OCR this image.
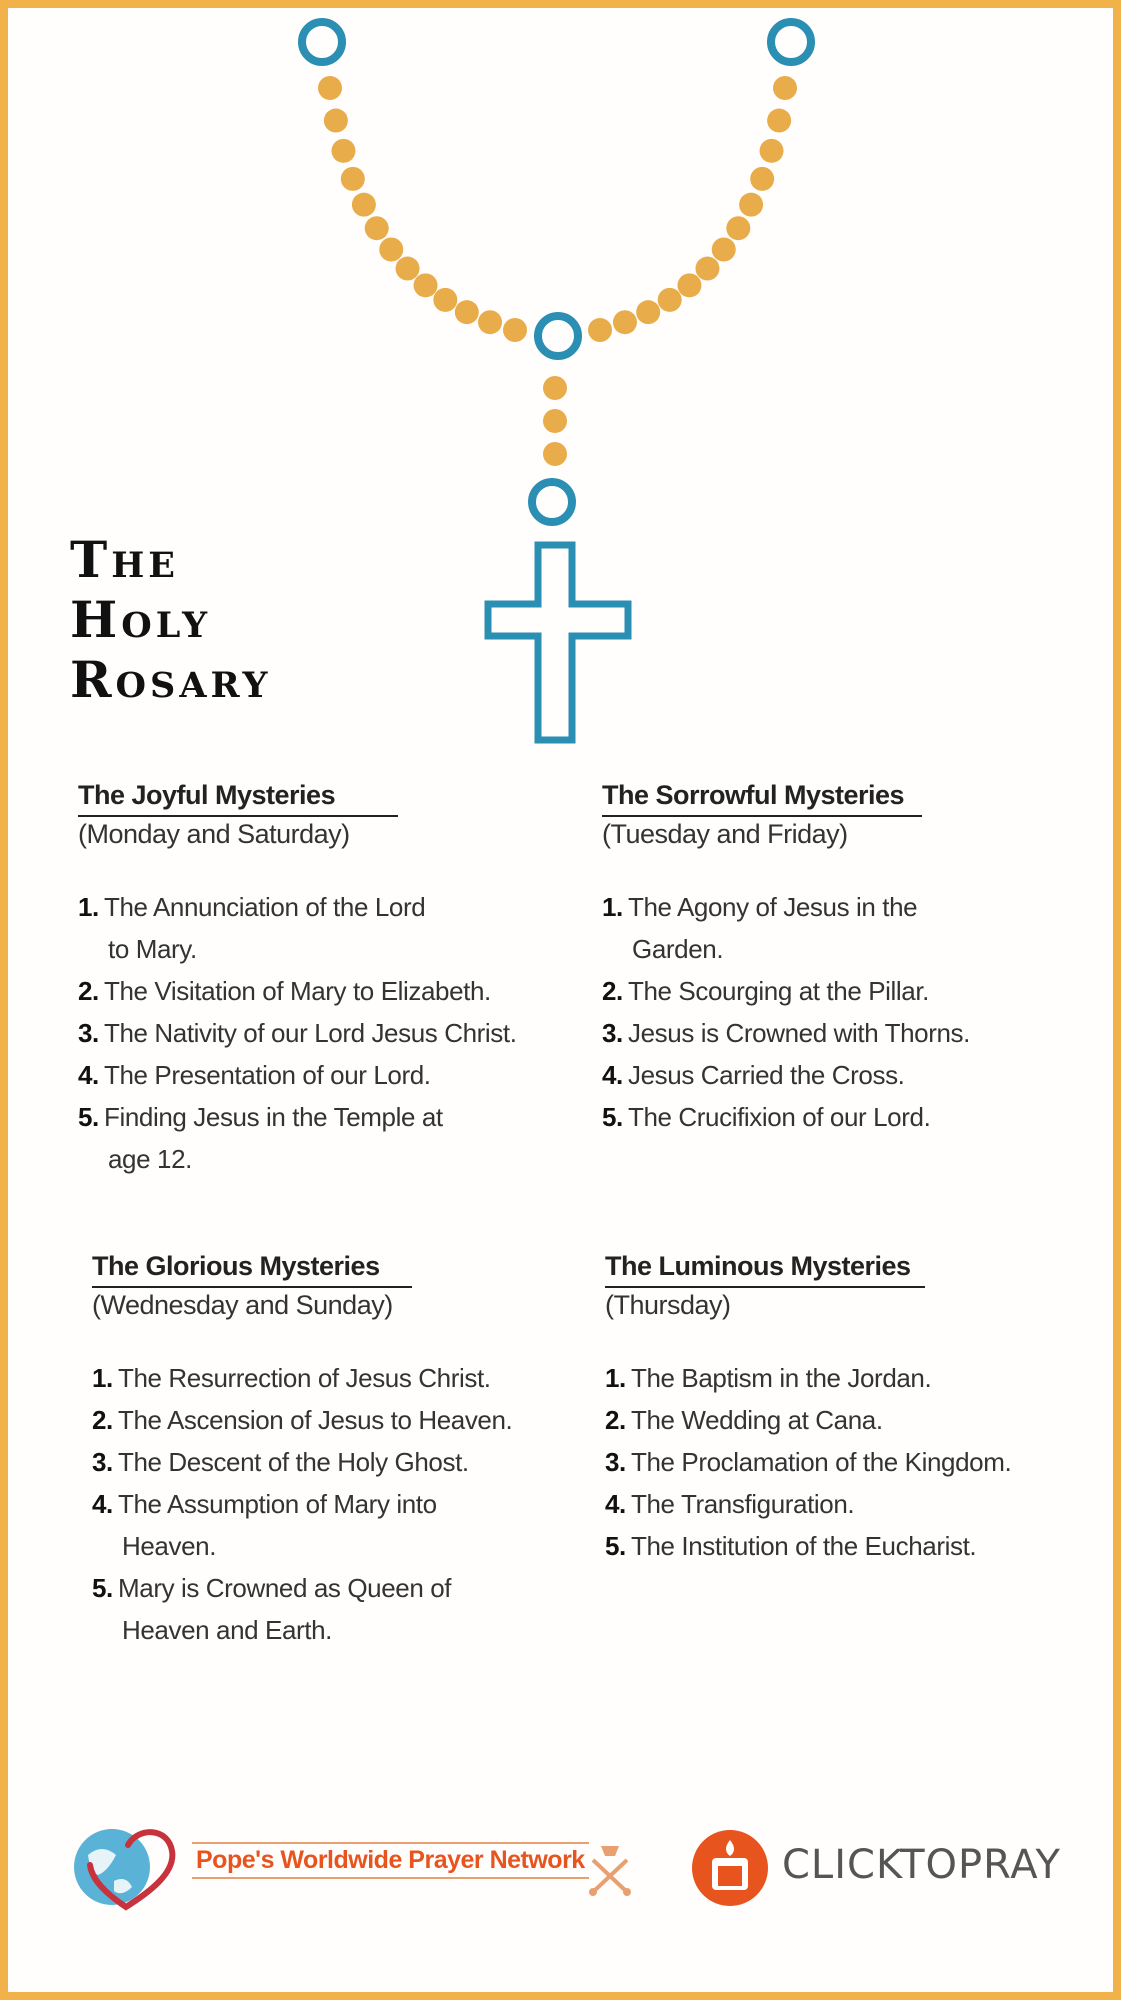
The
Holy
Rosary
The Joyful Mysteries
(Monday and Saturday)
1. The Annunciation of the Lord
to Mary.
2. The Visitation of Mary to Elizabeth.
3. The Nativity of our Lord Jesus Christ.
4. The Presentation of our Lord.
5. Finding Jesus in the Temple at
age 12.
The Sorrowful Mysteries
(Tuesday and Friday)
1. The Agony of Jesus in the
Garden.
2. The Scourging at the Pillar.
3. Jesus is Crowned with Thorns.
4. Jesus Carried the Cross.
5. The Crucifixion of our Lord.
The Glorious Mysteries
(Wednesday and Sunday)
1. The Resurrection of Jesus Christ.
2. The Ascension of Jesus to Heaven.
3. The Descent of the Holy Ghost.
4. The Assumption of Mary into
Heaven.
5. Mary is Crowned as Queen of
Heaven and Earth.
The Luminous Mysteries
(Thursday)
1. The Baptism in the Jordan.
2. The Wedding at Cana.
3. The Proclamation of the Kingdom.
4. The Transfiguration.
5. The Institution of the Eucharist.
Pope's Worldwide Prayer Network	CLICKTOPRAY
